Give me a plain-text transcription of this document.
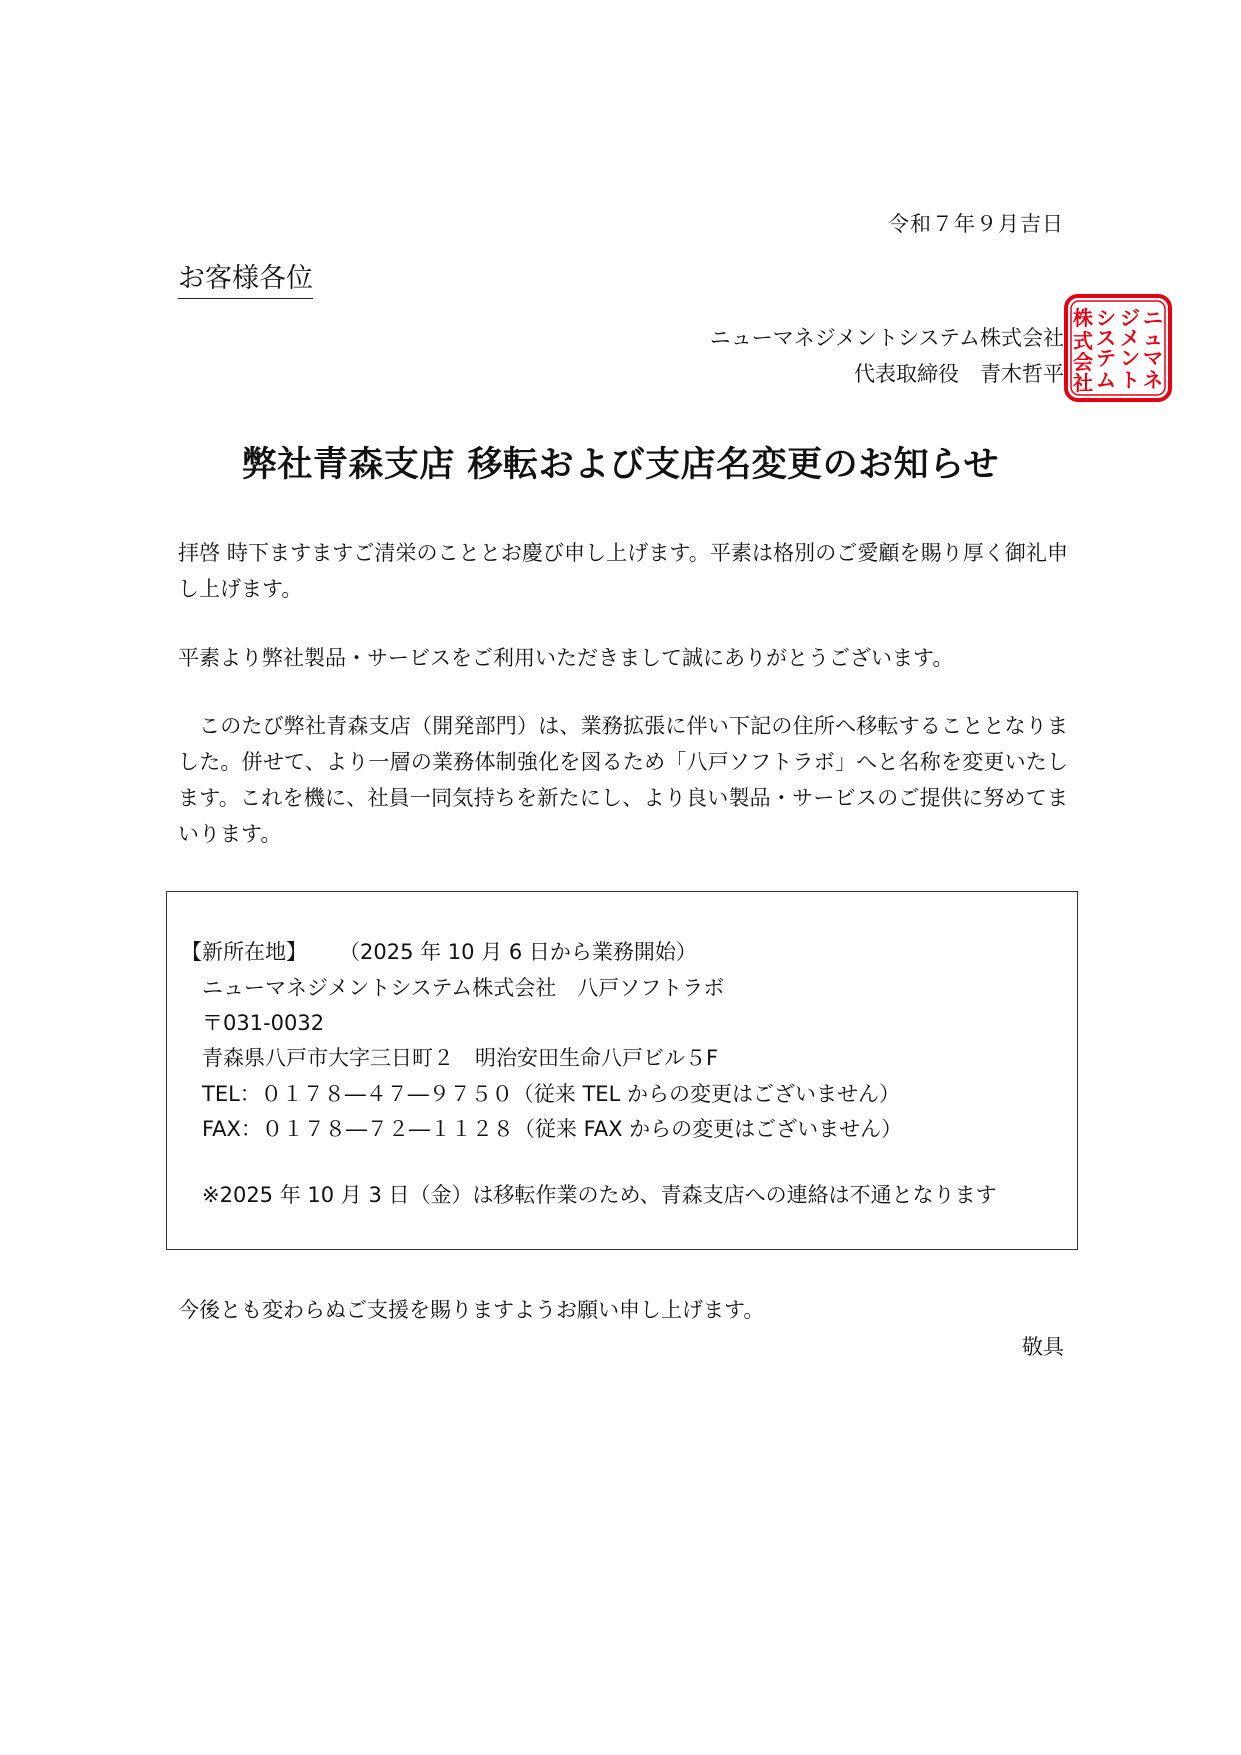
令和７年９月吉日
お客様各位
ニューマネジメントシステム株式会社
代表取締役　青木哲平
ニ
ュ
マ
ネ
ジ
メ
ン
ト
シ
ス
テ
ム
株
式
会
社
弊社青森支店 移転および支店名変更のお知らせ

拝啓 時下ますますご清栄のこととお慶び申し上げます。平素は格別のご愛顧を賜り厚く御礼申し上げます。

平素より弊社製品・サービスをご利用いただきまして誠にありがとうございます。

このたび弊社青森支店（開発部門）は、業務拡張に伴い下記の住所へ移転することとなりました。併せて、より一層の業務体制強化を図るため「八戸ソフトラボ」へと名称を変更いたします。これを機に、社員一同気持ちを新たにし、より良い製品・サービスのご提供に努めてまいります。

【新所在地】 （2025 年 10 月 6 日から業務開始）
ニューマネジメントシステム株式会社　八戸ソフトラボ
〒031-0032
青森県八戸市大字三日町２　明治安田生命八戸ビル５F
TEL：０１７８―４７―９７５０（従来 TEL からの変更はございません）
FAX：０１７８―７２―１１２８（従来 FAX からの変更はございません）
※2025 年 10 月 3 日（金）は移転作業のため、青森支店への連絡は不通となります
今後とも変わらぬご支援を賜りますようお願い申し上げます。
敬具
